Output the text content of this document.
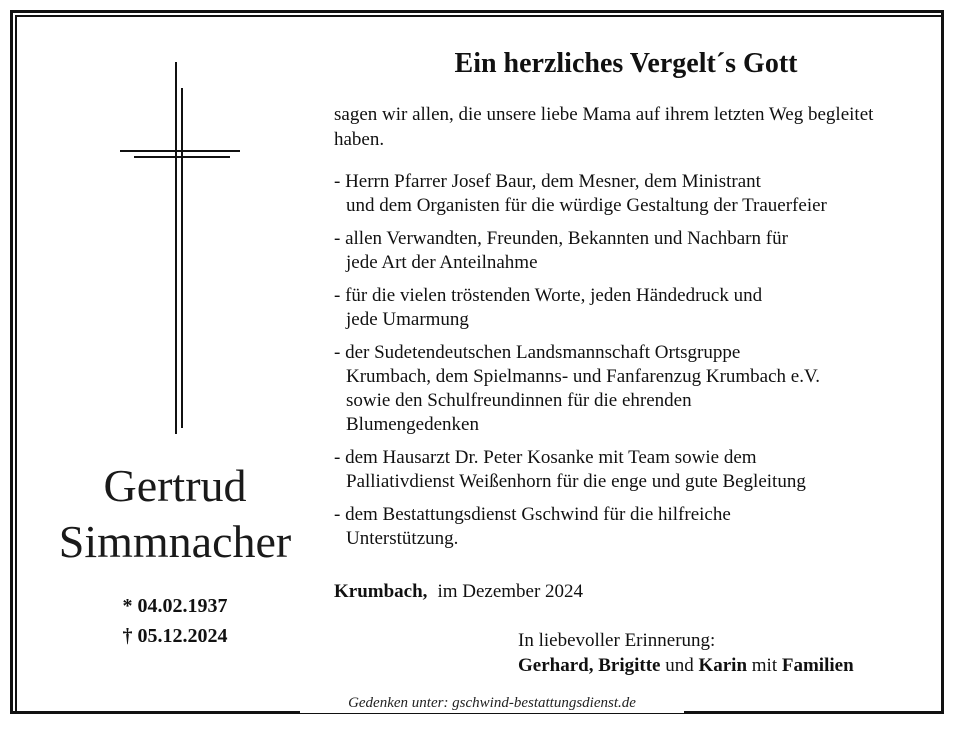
Gertrud
Simmnacher
* 04.02.1937
† 05.12.2024
Ein herzliches Vergelt´s Gott
sagen wir allen, die unsere liebe Mama auf ihrem letzten Weg begleitet haben.
- Herrn Pfarrer Josef Baur, dem Mesner, dem Ministrant
und dem Organisten für die würdige Gestaltung der Trauerfeier
- allen Verwandten, Freunden, Bekannten und Nachbarn für
jede Art der Anteilnahme
- für die vielen tröstenden Worte, jeden Händedruck und
jede Umarmung
- der Sudetendeutschen Landsmannschaft Ortsgruppe
Krumbach, dem Spielmanns- und Fanfarenzug Krumbach e.V.
sowie den Schulfreundinnen für die ehrenden
Blumengedenken
- dem Hausarzt Dr. Peter Kosanke mit Team sowie dem
Palliativdienst Weißenhorn für die enge und gute Begleitung
- dem Bestattungsdienst Gschwind für die hilfreiche
Unterstützung.
Krumbach, im Dezember 2024
In liebevoller Erinnerung:
Gerhard, Brigitte und Karin mit Familien
Gedenken unter: gschwind-bestattungsdienst.de
